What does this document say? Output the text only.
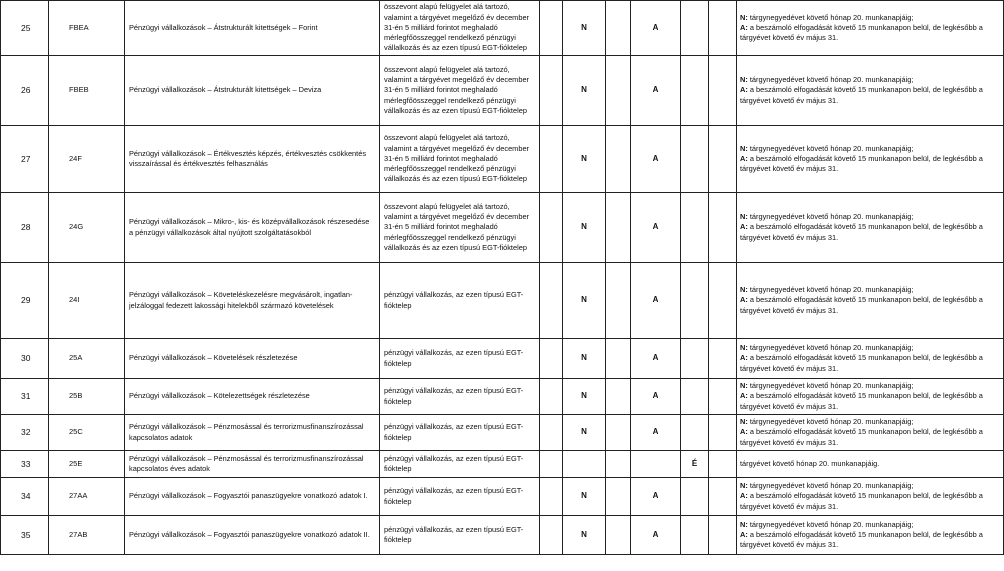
25	FBEA	Pénzügyi vállalkozások – Átstrukturált kitettségek – Forint	összevont alapú felügyelet alá tartozó, valamint a tárgyévet megelőző év december 31-én 5 milliárd forintot meghaladó mérlegfőösszeggel rendelkező pénzügyi vállalkozás és az ezen típusú EGT-fióktelep		N		A			N: tárgynegyedévet követő hónap 20. munkanapjáig;
A: a beszámoló elfogadását követő 15 munkanapon belül, de legkésőbb a tárgyévet követő év május 31.

26	FBEB	Pénzügyi vállalkozások – Átstrukturált kitettségek – Deviza	összevont alapú felügyelet alá tartozó, valamint a tárgyévet megelőző év december 31-én 5 milliárd forintot meghaladó mérlegfőösszeggel rendelkező pénzügyi vállalkozás és az ezen típusú EGT-fióktelep		N		A			N: tárgynegyedévet követő hónap 20. munkanapjáig;
A: a beszámoló elfogadását követő 15 munkanapon belül, de legkésőbb a tárgyévet követő év május 31.

27	24F	Pénzügyi vállalkozások – Értékvesztés képzés, értékvesztés csökkentés visszaírással és értékvesztés felhasználás	összevont alapú felügyelet alá tartozó, valamint a tárgyévet megelőző év december 31-én 5 milliárd forintot meghaladó mérlegfőösszeggel rendelkező pénzügyi vállalkozás és az ezen típusú EGT-fióktelep		N		A			N: tárgynegyedévet követő hónap 20. munkanapjáig;
A: a beszámoló elfogadását követő 15 munkanapon belül, de legkésőbb a tárgyévet követő év május 31.

28	24G	Pénzügyi vállalkozások – Mikro-, kis- és középvállalkozások részesedése a pénzügyi vállalkozások által nyújtott szolgáltatásokból	összevont alapú felügyelet alá tartozó, valamint a tárgyévet megelőző év december 31-én 5 milliárd forintot meghaladó mérlegfőösszeggel rendelkező pénzügyi vállalkozás és az ezen típusú EGT-fióktelep		N		A			N: tárgynegyedévet követő hónap 20. munkanapjáig;
A: a beszámoló elfogadását követő 15 munkanapon belül, de legkésőbb a tárgyévet követő év május 31.

29	24I	Pénzügyi vállalkozások – Követeléskezelésre megvásárolt, ingatlan-jelzáloggal fedezett lakossági hitelekből származó követelések	pénzügyi vállalkozás, az ezen típusú EGT-fióktelep		N		A			N: tárgynegyedévet követő hónap 20. munkanapjáig;
A: a beszámoló elfogadását követő 15 munkanapon belül, de legkésőbb a tárgyévet követő év május 31.

30	25A	Pénzügyi vállalkozások – Követelések részletezése	pénzügyi vállalkozás, az ezen típusú EGT-fióktelep		N		A			N: tárgynegyedévet követő hónap 20. munkanapjáig;
A: a beszámoló elfogadását követő 15 munkanapon belül, de legkésőbb a tárgyévet követő év május 31.

31	25B	Pénzügyi vállalkozások – Kötelezettségek részletezése	pénzügyi vállalkozás, az ezen típusú EGT-fióktelep		N		A			N: tárgynegyedévet követő hónap 20. munkanapjáig;
A: a beszámoló elfogadását követő 15 munkanapon belül, de legkésőbb a tárgyévet követő év május 31.

32	25C	Pénzügyi vállalkozások – Pénzmosással és terrorizmusfinanszírozással kapcsolatos adatok	pénzügyi vállalkozás, az ezen típusú EGT-fióktelep		N		A			N: tárgynegyedévet követő hónap 20. munkanapjáig;
A: a beszámoló elfogadását követő 15 munkanapon belül, de legkésőbb a tárgyévet követő év május 31.

33	25E	Pénzügyi vállalkozások – Pénzmosással és terrorizmusfinanszírozással kapcsolatos éves adatok	pénzügyi vállalkozás, az ezen típusú EGT-fióktelep					É		tárgyévet követő hónap 20. munkanapjáig.

34	27AA	Pénzügyi vállalkozások – Fogyasztói panaszügyekre vonatkozó adatok I.	pénzügyi vállalkozás, az ezen típusú EGT-fióktelep		N		A			N: tárgynegyedévet követő hónap 20. munkanapjáig;
A: a beszámoló elfogadását követő 15 munkanapon belül, de legkésőbb a tárgyévet követő év május 31.

35	27AB	Pénzügyi vállalkozások – Fogyasztói panaszügyekre vonatkozó adatok II.	pénzügyi vállalkozás, az ezen típusú EGT-fióktelep		N		A			N: tárgynegyedévet követő hónap 20. munkanapjáig;
A: a beszámoló elfogadását követő 15 munkanapon belül, de legkésőbb a tárgyévet követő év május 31.
